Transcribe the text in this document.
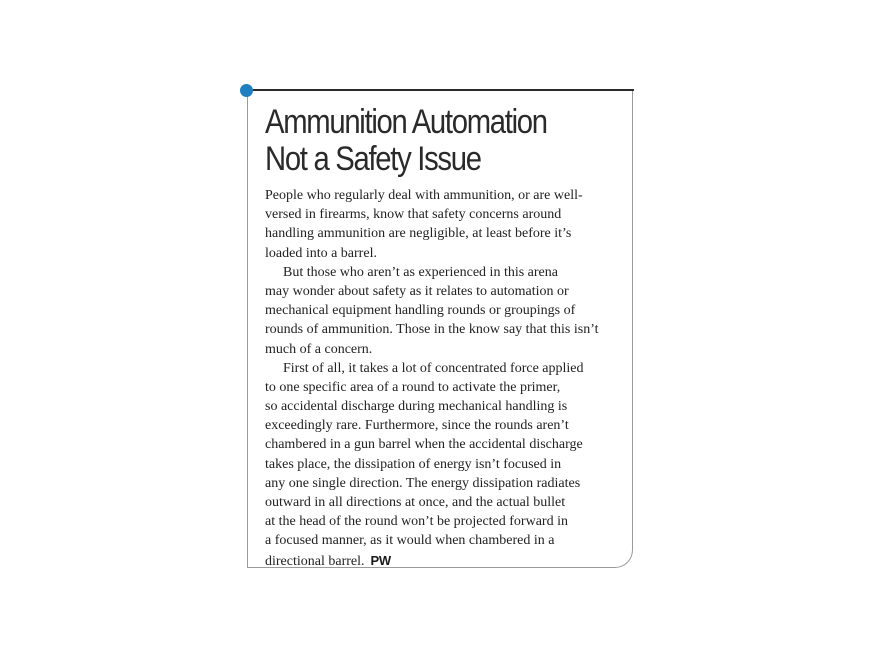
Ammunition Automation
Not a Safety Issue
People who regularly deal with ammunition, or are well-
versed in firearms, know that safety concerns around
handling ammunition are negligible, at least before it’s
loaded into a barrel.
But those who aren’t as experienced in this arena
may wonder about safety as it relates to automation or
mechanical equipment handling rounds or groupings of
rounds of ammunition. Those in the know say that this isn’t
much of a concern.
First of all, it takes a lot of concentrated force applied
to one specific area of a round to activate the primer,
so accidental discharge during mechanical handling is
exceedingly rare. Furthermore, since the rounds aren’t
chambered in a gun barrel when the accidental discharge
takes place, the dissipation of energy isn’t focused in
any one single direction. The energy dissipation radiates
outward in all directions at once, and the actual bullet
at the head of the round won’t be projected forward in
a focused manner, as it would when chambered in a
directional barrel. PW
